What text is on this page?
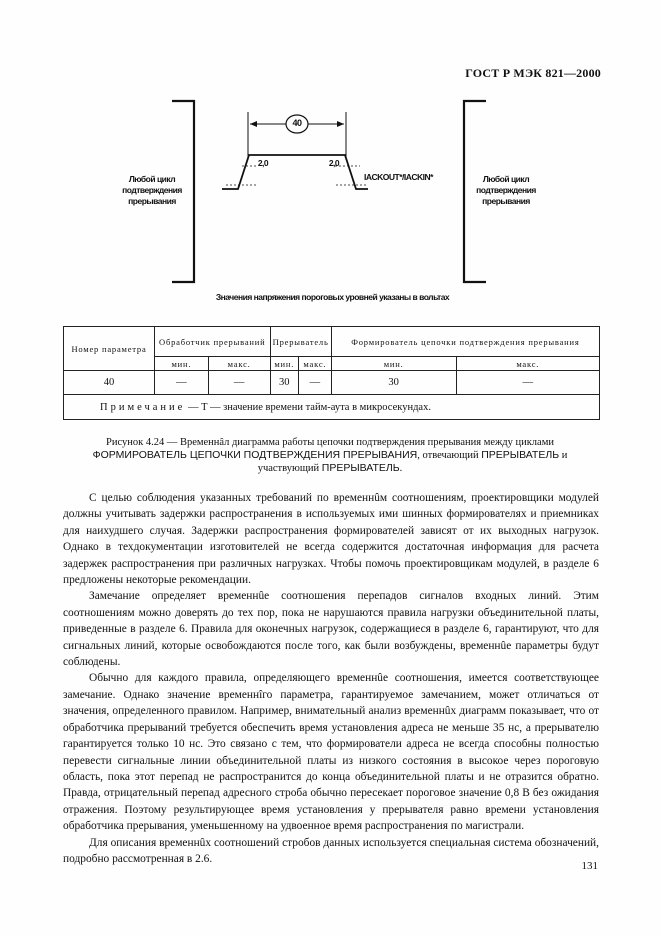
ГОСТ Р МЭК 821—2000
40
2,0	2,0
IACKOUT*/IACKIN*
Любой цикл
подтверждения
прерывания
Любой цикл
подтверждения
прерывания
Значения напряжения пороговых уровней указаны в вольтах
Номер параметра	Обработчик прерываний		Прерыватель		Формирователь цепочки подтверждения прерывания	
	мин.	макс.	мин.	макс.	мин.	макс.
40	—	—	30	—	30	—
Примечание — T — значение времени тайм-аута в микросекундах.						
Рисунок 4.24 — Временнâл диаграмма работы цепочки подтверждения прерывания между циклами
ФОРМИРОВАТЕЛЬ ЦЕПОЧКИ ПОДТВЕРЖДЕНИЯ ПРЕРЫВАНИЯ, отвечающий ПРЕРЫВАТЕЛЬ и
участвующий ПРЕРЫВАТЕЛЬ.

С целью соблюдения указанных требований по временнûм соотношениям, проектировщики модулей должны учитывать задержки распространения в используемых ими шинных формирователях и приемниках для наихудшего случая. Задержки распространения формирователей зависят от их выходных нагрузок. Однако в техдокументации изготовителей не всегда содержится достаточная информация для расчета задержек распространения при различных нагрузках. Чтобы помочь проектировщикам модулей, в разделе 6 предложены некоторые рекомендации.

Замечание определяет временнûе соотношения перепадов сигналов входных линий. Этим соотношениям можно доверять до тех пор, пока не нарушаются правила нагрузки объединительной платы, приведенные в разделе 6. Правила для оконечных нагрузок, содержащиеся в разделе 6, гарантируют, что для сигнальных линий, которые освобождаются после того, как были возбуждены, временнûе параметры будут соблюдены.

Обычно для каждого правила, определяющего временнûе соотношения, имеется соответствующее замечание. Однако значение временнîго параметра, гарантируемое замечанием, может отличаться от значения, определенного правилом. Например, внимательный анализ временнûх диаграмм показывает, что от обработчика прерываний требуется обеспечить время установления адреса не меньше 35 нс, а прерывателю гарантируется только 10 нс. Это связано с тем, что формирователи адреса не всегда способны полностью перевести сигнальные линии объединительной платы из низкого состояния в высокое через пороговую область, пока этот перепад не распространится до конца объединительной платы и не отразится обратно. Правда, отрицательный перепад адресного строба обычно пересекает пороговое значение 0,8 В без ожидания отражения. Поэтому результирующее время установления у прерывателя равно времени установления обработчика прерывания, уменьшенному на удвоенное время распространения по магистрали.

Для описания временнûх соотношений стробов данных используется специальная система обозначений, подробно рассмотренная в 2.6.

131
